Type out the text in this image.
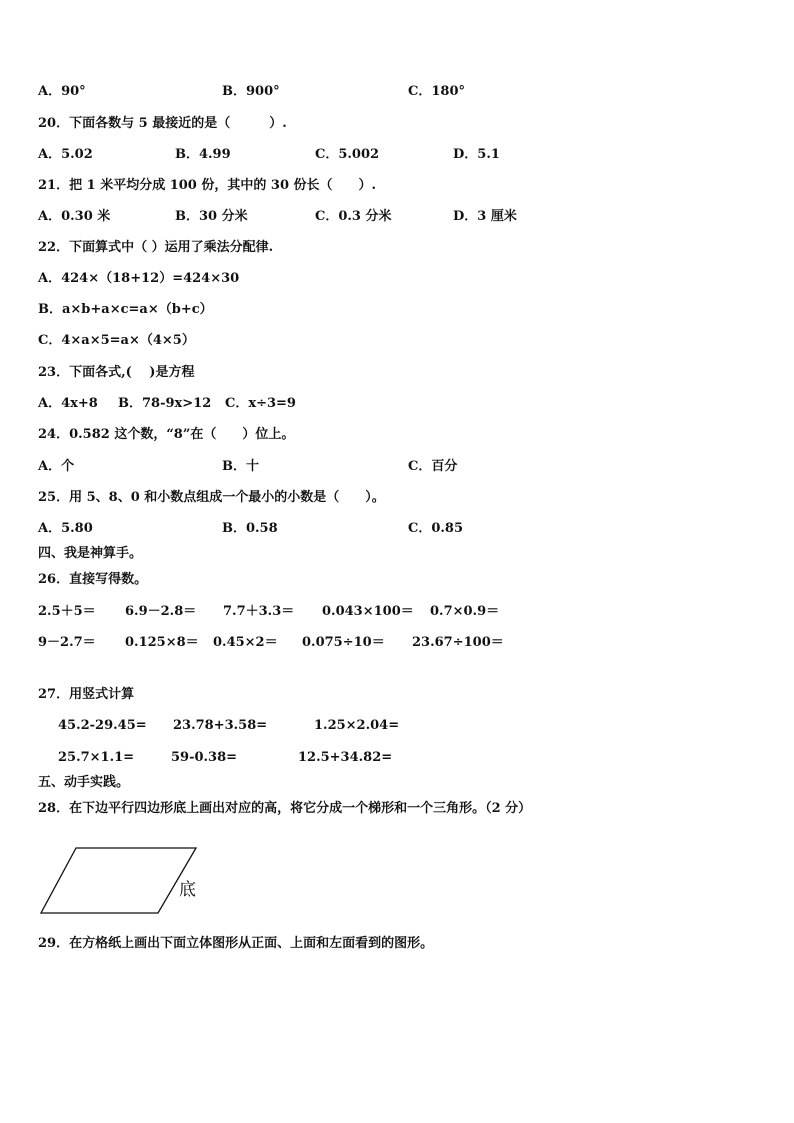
A．90°	B．900°	C．180°
20．下面各数与 5 最接近的是（　　　）.
A．5.02	B．4.99	C．5.002	D．5.1
21．把 1 米平均分成 100 份，其中的 30 份长（　　）.
A．0.30 米	B．30 分米	C．0.3 分米	D．3 厘米
22．下面算式中（ ）运用了乘法分配律.
A．424×（18+12）=424×30
B．a×b+a×c=a×（b+c）
C．4×a×5=a×（4×5）
23．下面各式,(　 )是方程
A．4x+8 B．78-9x>12 C．x÷3=9
24．0.582 这个数，“8”在（　　）位上。
A．个	B．十	C．百分
25．用 5、8、0 和小数点组成一个最小的小数是（　　）。
A．5.80	B．0.58	C．0.85
四、我是神算手。
26．直接写得数。
2.5＋5＝ 6.9－2.8＝ 7.7＋3.3＝ 0.043×100＝ 0.7×0.9＝
9－2.7＝ 0.125×8＝ 0.45×2＝ 0.075÷10＝ 23.67÷100＝
27．用竖式计算
45.2-29.45= 23.78+3.58=	1.25×2.04=
25.7×1.1=	59-0.38=	12.5+34.82=
五、动手实践。
28．在下边平行四边形底上画出对应的高，将它分成一个梯形和一个三角形。（2 分）
底
29．在方格纸上画出下面立体图形从正面、上面和左面看到的图形。
